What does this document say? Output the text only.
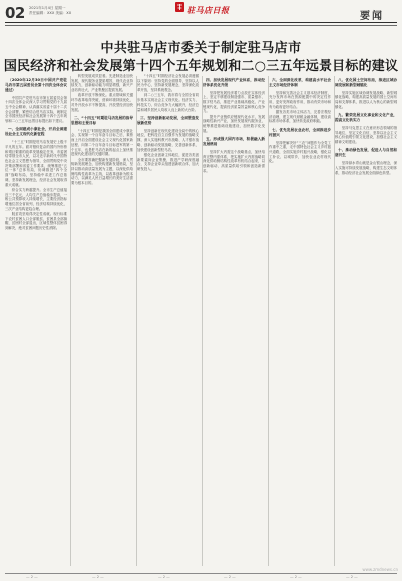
02 2021年1月4日 星期一
责任编辑：XXX 美编：XX	驻马店日报
要闻
中共驻马店市委关于制定驻马店市
国民经济和社会发展第十四个五年规划和二○三五年远景目标的建议

（2020年12月30日中国共产党驻马店市第五届委员会第十四次全体会议通过）

中国共产党驻马店市第五届委员会第十四次全体会议深入学习贯彻党的十九届五中全会精神，认真落实省委十届十二次全会部署，紧密结合驻马店实际，就制定全市国民经济和社会发展第十四个五年规划和二○三五年远景目标提出如下建议。

一、全面建成小康社会，开启全面建设社会主义现代化新征程

“十三五”时期是驻马店发展史上极不平凡的五年。面对错综复杂的国内外形势和艰巨繁重的改革发展稳定任务，市委团结带领全市人民，以习近平新时代中国特色社会主义思想为指导，全面贯彻党中央决策部署和省委工作要求，统筹推进“五位一体”总体布局，协调推进“四个全面”战略布局，坚持稳中求进工作总基调，坚持新发展理念，经济社会发展取得重大成就。

综合实力跨越提升。全市生产总值接近三千亿元，人均生产总值稳步提高，一般公共预算收入持续增长，主要经济指标增速位居全省前列，经济结构持续优化，三次产业结构更趋合理。

脱贫攻坚取得决定性成就。现行标准下农村贫困人口全部脱贫，贫困县全部摘帽，贫困村全部退出，区域性整体贫困得到解决，绝对贫困问题历史性消除。

转型发展成效显著。先进制造业加快发展，现代服务业提质增效，现代农业持续发力，创新驱动能力明显增强，新兴产业培育壮大，产业集聚区提质发展。

改革开放不断深化。重点领域和关键环节改革取得突破，营商环境持续优化，对外开放水平不断提高，开放型经济加快发展。

二、“十四五”时期驻马店发展的指导思想和主要目标

“十四五”时期是我国全面建成小康社会、实现第一个百年奋斗目标之后，乘势而上开启全面建设社会主义现代化国家新征程、向第二个百年奋斗目标进军的第一个五年，也是驻马店在新的起点上加快推进现代化建设的关键时期。

全市要准确把握新发展阶段，深入贯彻新发展理念，加快构建新发展格局，坚持以推动高质量发展为主题，以深化供给侧结构性改革为主线，以改革创新为根本动力，以满足人民日益增长的美好生活需要为根本目的。

“十四五”时期经济社会发展必须遵循以下原则：坚持党的全面领导，坚持以人民为中心，坚持新发展理念，坚持深化改革开放，坚持系统观念。

到二○三五年，我市将与全国全省同步基本实现社会主义现代化。经济实力、科技实力、综合竞争力大幅跃升，经济总量和城乡居民人均收入迈上新的大台阶。

三、坚持创新驱动发展，全面塑造发展新优势

坚持创新在现代化建设全局中的核心地位，把科技自立自强作为发展的战略支撑，深入实施科教兴市战略、人才强市战略、创新驱动发展战略，完善创新体系，加快建设创新型驻马店。

强化企业创新主体地位，促进各类创新要素向企业集聚，推进产学研深度融合，支持企业牵头组建创新联合体，加大研发投入。

四、加快发展现代产业体系，推动经济体系优化升级

坚持把发展经济着力点放在实体经济上，坚定不移建设制造强市、质量强市、数字驻马店，推进产业基础高级化、产业链现代化，提高经济质量效益和核心竞争力。

提升产业链供应链现代化水平，发展战略性新兴产业，加快发展现代服务业，统筹推进基础设施建设，加快数字化发展。

五、形成强大国内市场，积极融入新发展格局

坚持扩大内需这个战略基点，加快培育完整内需体系，把实施扩大内需战略同深化供给侧结构性改革有机结合起来，以创新驱动、高质量供给引领和创造新需求。

六、全面深化改革，构建高水平社会主义市场经济体制

坚持和完善社会主义基本经济制度，充分发挥市场在资源配置中的决定性作用，更好发挥政府作用，推动有效市场和有为政府更好结合。

激发各类市场主体活力，完善宏观经济治理，建立现代财税金融体制，建设高标准市场体系，加快转变政府职能。

七、优先发展农业农村，全面推进乡村振兴

坚持把解决好“三农”问题作为全党工作重中之重，走中国特色社会主义乡村振兴道路，全面实施乡村振兴战略，强化以工补农、以城带乡，加快农业农村现代化。

八、优化国土空间布局，推进区域协调发展和新型城镇化

坚持实施区域协调发展战略、新型城镇化战略，构建高质量发展的国土空间布局和支撑体系，推进以人为核心的新型城镇化。

九、繁荣发展文化事业和文化产业，提高文化软实力

坚持马克思主义在意识形态领域的指导地位，坚定文化自信，坚持以社会主义核心价值观引领文化建设，加强社会主义精神文明建设。

十、推动绿色发展，促进人与自然和谐共生

坚持绿水青山就是金山银山理念，深入实施可持续发展战略，构建生态文明体系，推动经济社会发展全面绿色转型。

— 2 —	— 2 —	— 2 —	— 2 —	— 2 —	— 2 —
www.zmdnews.cn
